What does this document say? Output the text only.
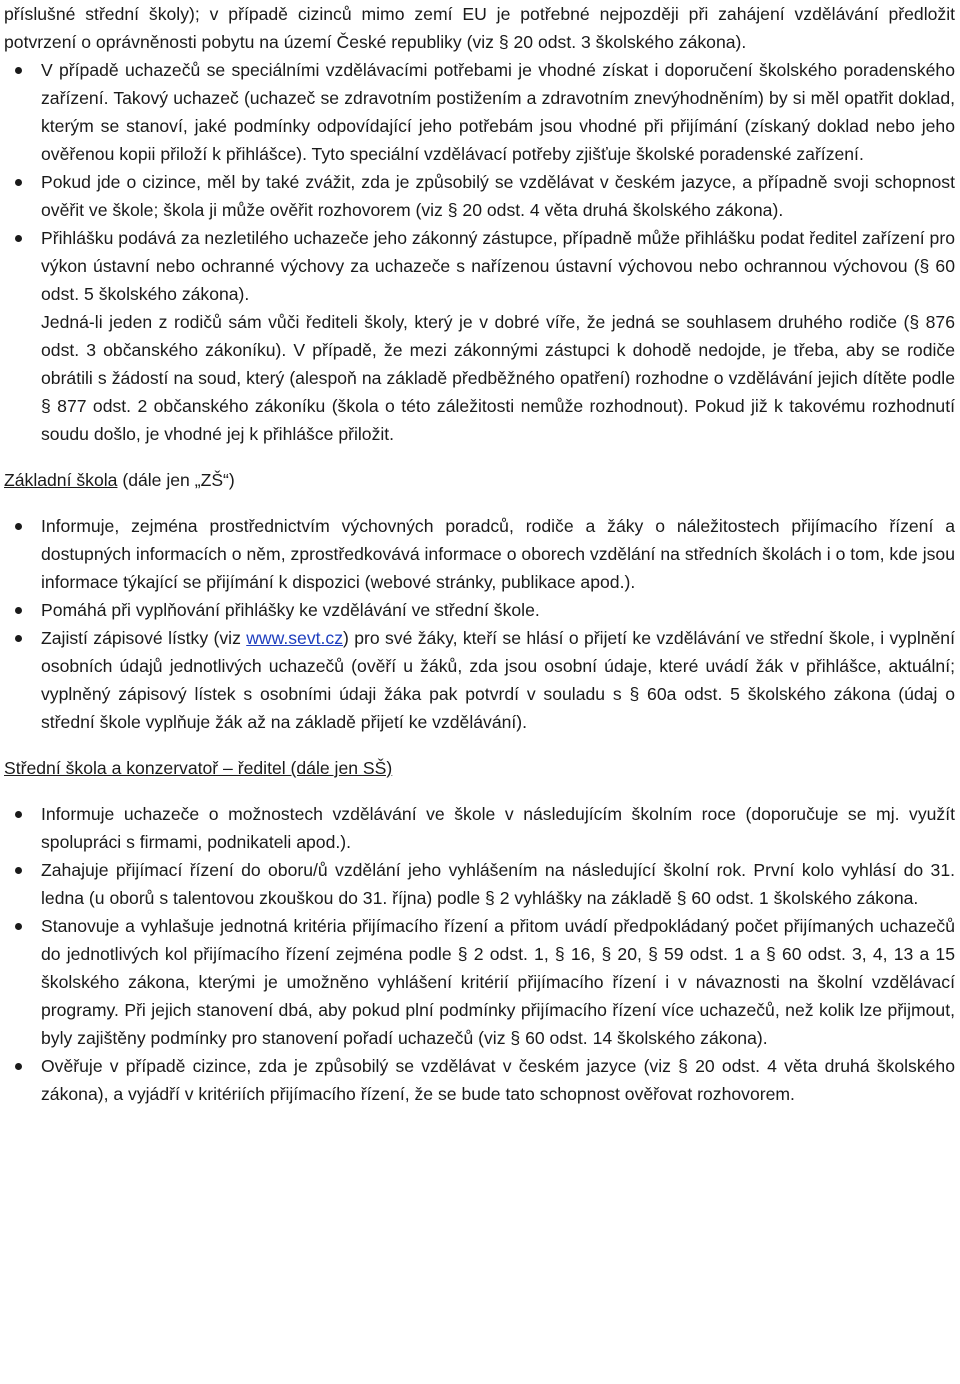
příslušné střední školy); v případě cizinců mimo zemí EU je potřebné nejpozději při zahájení vzdělávání předložit potvrzení o oprávněnosti pobytu na území České republiky (viz § 20 odst. 3 školského zákona).

V případě uchazečů se speciálními vzdělávacími potřebami je vhodné získat i doporučení školského poradenského zařízení. Takový uchazeč (uchazeč se zdravotním postižením a zdravotním znevýhodněním) by si měl opatřit doklad, kterým se stanoví, jaké podmínky odpovídající jeho potřebám jsou vhodné při přijímání (získaný doklad nebo jeho ověřenou kopii přiloží k přihlášce). Tyto speciální vzdělávací potřeby zjišťuje školské poradenské zařízení.
Pokud jde o cizince, měl by také zvážit, zda je způsobilý se vzdělávat v českém jazyce, a případně svoji schopnost ověřit ve škole; škola ji může ověřit rozhovorem (viz § 20 odst. 4 věta druhá školského zákona).
Přihlášku podává za nezletilého uchazeče jeho zákonný zástupce, případně může přihlášku podat ředitel zařízení pro výkon ústavní nebo ochranné výchovy za uchazeče s nařízenou ústavní výchovou nebo ochrannou výchovou (§ 60 odst. 5 školského zákona).
Jedná-li jeden z rodičů sám vůči řediteli školy, který je v dobré víře, že jedná se souhlasem druhého rodiče (§ 876 odst. 3 občanského zákoníku). V případě, že mezi zákonnými zástupci k dohodě nedojde, je třeba, aby se rodiče obrátili s žádostí na soud, který (alespoň na základě předběžného opatření) rozhodne o vzdělávání jejich dítěte podle § 877 odst. 2 občanského zákoníku (škola o této záležitosti nemůže rozhodnout). Pokud již k takovému rozhodnutí soudu došlo, je vhodné jej k přihlášce přiložit.
Základní škola (dále jen „ZŠ“)
Informuje, zejména prostřednictvím výchovných poradců, rodiče a žáky o náležitostech přijímacího řízení a dostupných informacích o něm, zprostředkovává informace o oborech vzdělání na středních školách i o tom, kde jsou informace týkající se přijímání k dispozici (webové stránky, publikace apod.).
Pomáhá při vyplňování přihlášky ke vzdělávání ve střední škole.
Zajistí zápisové lístky (viz www.sevt.cz) pro své žáky, kteří se hlásí o přijetí ke vzdělávání ve střední škole, i vyplnění osobních údajů jednotlivých uchazečů (ověří u žáků, zda jsou osobní údaje, které uvádí žák v přihlášce, aktuální; vyplněný zápisový lístek s osobními údaji žáka pak potvrdí v souladu s § 60a odst. 5 školského zákona (údaj o střední škole vyplňuje žák až na základě přijetí ke vzdělávání).
Střední škola a konzervatoř – ředitel (dále jen SŠ)
Informuje uchazeče o možnostech vzdělávání ve škole v následujícím školním roce (doporučuje se mj. využít spolupráci s firmami, podnikateli apod.).
Zahajuje přijímací řízení do oboru/ů vzdělání jeho vyhlášením na následující školní rok. První kolo vyhlásí do 31. ledna (u oborů s talentovou zkouškou do 31. října) podle § 2 vyhlášky na základě § 60 odst. 1 školského zákona.
Stanovuje a vyhlašuje jednotná kritéria přijímacího řízení a přitom uvádí předpokládaný počet přijímaných uchazečů do jednotlivých kol přijímacího řízení zejména podle § 2 odst. 1, § 16, § 20, § 59 odst. 1 a § 60 odst. 3, 4, 13 a 15 školského zákona, kterými je umožněno vyhlášení kritérií přijímacího řízení i v návaznosti na školní vzdělávací programy. Při jejich stanovení dbá, aby pokud plní podmínky přijímacího řízení více uchazečů, než kolik lze přijmout, byly zajištěny podmínky pro stanovení pořadí uchazečů (viz § 60 odst. 14 školského zákona).
Ověřuje v případě cizince, zda je způsobilý se vzdělávat v českém jazyce (viz § 20 odst. 4 věta druhá školského zákona), a vyjádří v kritériích přijímacího řízení, že se bude tato schopnost ověřovat rozhovorem.
